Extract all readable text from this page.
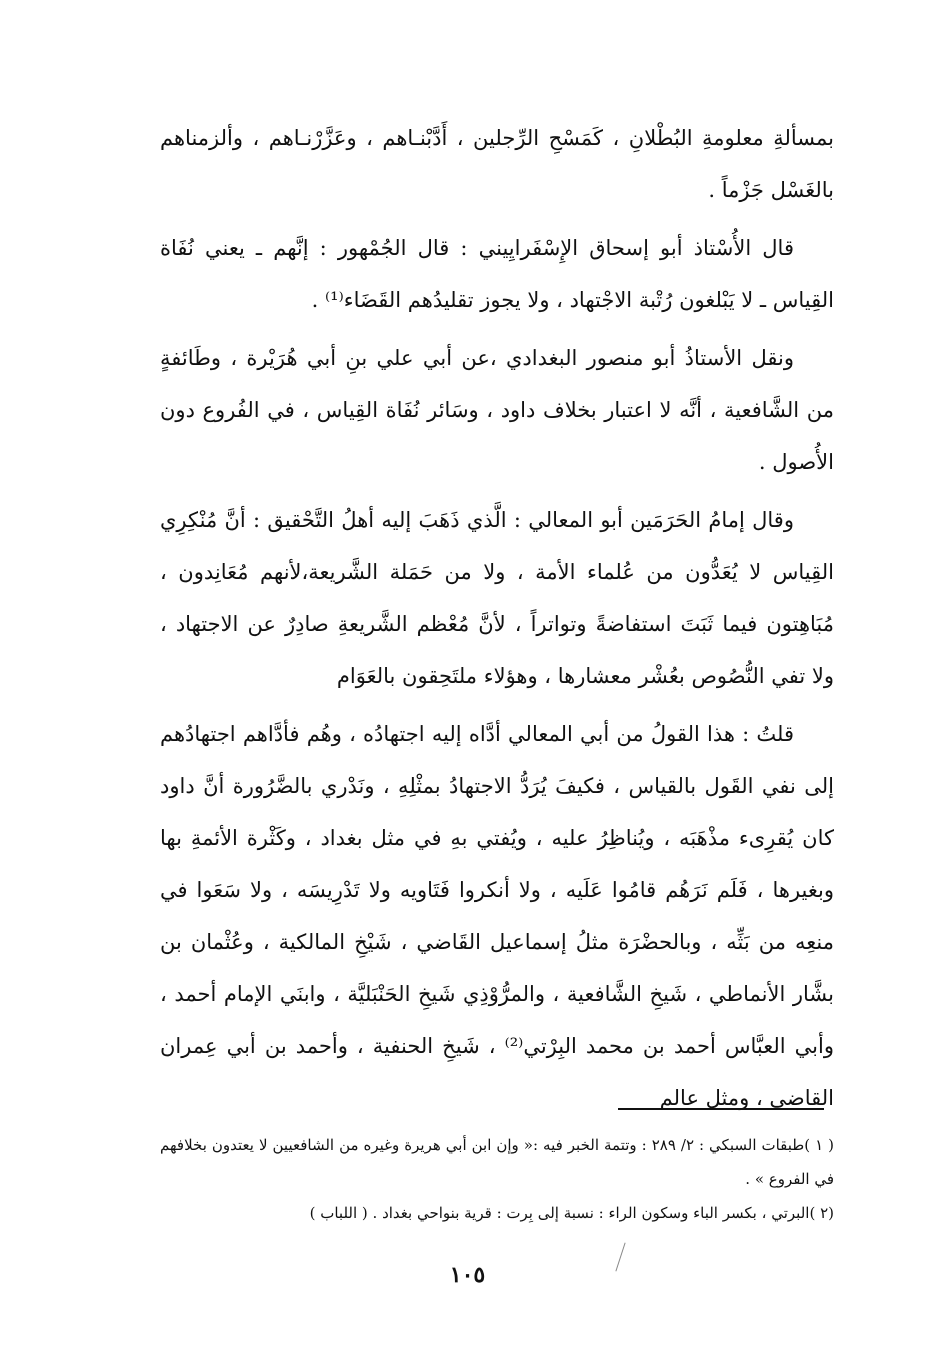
بمسألةِ معلومةِ البُطْلانِ ، كَمَسْحِ الرِّجلين ، أَدَّبْنـاهم ، وعَزَّرْنـاهم ، وألزمناهم بالغَسْل جَزْماً .

قال الأُسْتاذ أبو إسحاق الإِسْفَرايِيني : قال الجُمْهور : إنَّهم ـ يعني نُفَاة القِياس ـ لا يَبْلغون رُتْبة الاجْتهاد ، ولا يجوز تقليدُهم القَضَاء⁽¹⁾ .

ونقل الأستاذُ أبو منصور البغدادي ،عن أبي علي بنِ أبي هُرَيْرة ، وطَائفةٍ من الشَّافعية ، أنَّه لا اعتبار بخلاف داود ، وسَائر نُفَاة القِياس ، في الفُروع دون الأُصول .

وقال إمامُ الحَرَمَين أبو المعالي : الَّذي ذَهَبَ إليه أهلُ التَّحْقيق : أنَّ مُنْكِرِي القِياس لا يُعَدُّون من عُلماء الأمة ، ولا من حَمَلة الشَّريعة،لأنهم مُعَانِدون ، مُبَاهِتون فيما ثَبَتَ استفاضةً وتواتراً ، لأنَّ مُعْظم الشَّريعةِ صادِرٌ عن الاجتهاد ، ولا تفي النُّصُوص بعُشْر معشارها ، وهؤلاء ملتَحِقون بالعَوَام

قلتُ : هذا القولُ من أبي المعالي أدَّاه إليه اجتهادُه ، وهُم فأدَّاهم اجتهادُهم إلى نفي القَول بالقياس ، فكيفَ يُرَدُّ الاجتهادُ بمثْلِهِ ، ونَدْري بالضَّرُورة أنَّ داود كان يُقرِىء مذْهَبَه ، ويُناظِرُ عليه ، ويُفتي بهِ في مثل بغداد ، وكَثْرة الأئمةِ بها وبغيرها ، فَلَم نَرَهُم قامُوا عَلَيه ، ولا أنكروا فَتَاويه ولا تَدْرِيسَه ، ولا سَعَوا في منعِه من بَثِّه ، وبالحضْرَة مثلُ إسماعيل القَاضي ، شَيْخِ المالكية ، وعُثْمان بن بشَّار الأنماطي ، شَيخِ الشَّافعية ، والمرُّوْذِي شَيخِ الحَنْبَليَّة ، وابنَي الإمام أحمد ، وأبي العبَّاس أحمد بن محمد البِرْتي⁽²⁾ ، شَيخِ الحنفية ، وأحمد بن أبي عِمران القاضي ، ومثل عالم

( ١ )طبقات السبكي : ٢/ ٢٨٩ : وتتمة الخبر فيه :« وإن ابن أبي هريرة وغيره من الشافعيين لا يعتدون بخلافهم في الفروع » .

(٢ )البرتي ، بكسر الباء وسكون الراء : نسبة إلى بِرت : قرية بنواحي بغداد . ( اللباب )

١٠٥
